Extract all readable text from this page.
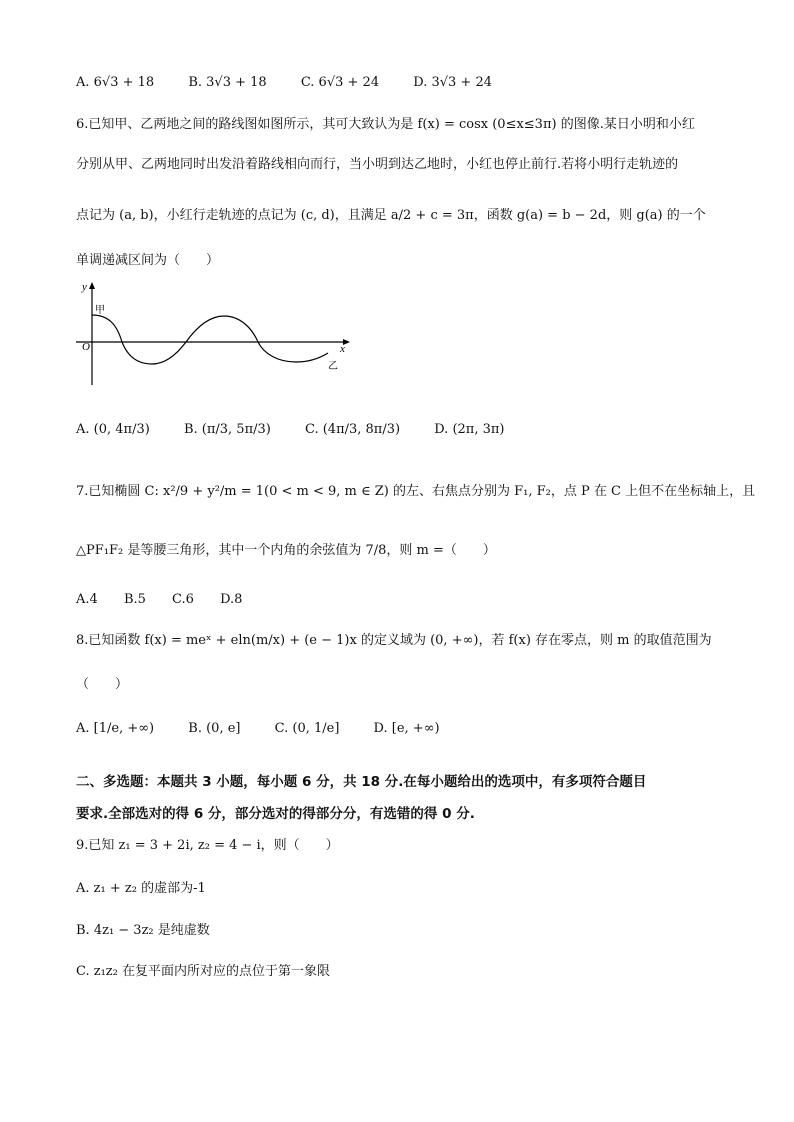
A. 6√3 + 18	B. 3√3 + 18	C. 6√3 + 24	D. 3√3 + 24
6.已知甲、乙两地之间的路线图如图所示，其可大致认为是 f(x) = cosx (0≤x≤3π) 的图像.某日小明和小红
分别从甲、乙两地同时出发沿着路线相向而行，当小明到达乙地时，小红也停止前行.若将小明行走轨迹的
点记为 (a, b)，小红行走轨迹的点记为 (c, d)，且满足 a/2 + c = 3π，函数 g(a) = b − 2d，则 g(a) 的一个
单调递减区间为（　　）
y
x
O
甲
乙
A. (0, 4π/3)	B. (π/3, 5π/3)	C. (4π/3, 8π/3)	D. (2π, 3π)
7.已知椭圆 C: x²/9 + y²/m = 1(0 < m < 9, m ∈ Z) 的左、右焦点分别为 F₁, F₂，点 P 在 C 上但不在坐标轴上，且
△PF₁F₂ 是等腰三角形，其中一个内角的余弦值为 7/8，则 m =（　　）
A.4 B.5 C.6 D.8
8.已知函数 f(x) = meˣ + eln(m/x) + (e − 1)x 的定义域为 (0, +∞)，若 f(x) 存在零点，则 m 的取值范围为
（　　）
A. [1/e, +∞)	B. (0, e]	C. (0, 1/e]	D. [e, +∞)
二、多选题：本题共 3 小题，每小题 6 分，共 18 分.在每小题给出的选项中，有多项符合题目
要求.全部选对的得 6 分，部分选对的得部分分，有选错的得 0 分.
9.已知 z₁ = 3 + 2i, z₂ = 4 − i，则（　　）
A. z₁ + z₂ 的虚部为-1
B. 4z₁ − 3z₂ 是纯虚数
C. z₁z₂ 在复平面内所对应的点位于第一象限
